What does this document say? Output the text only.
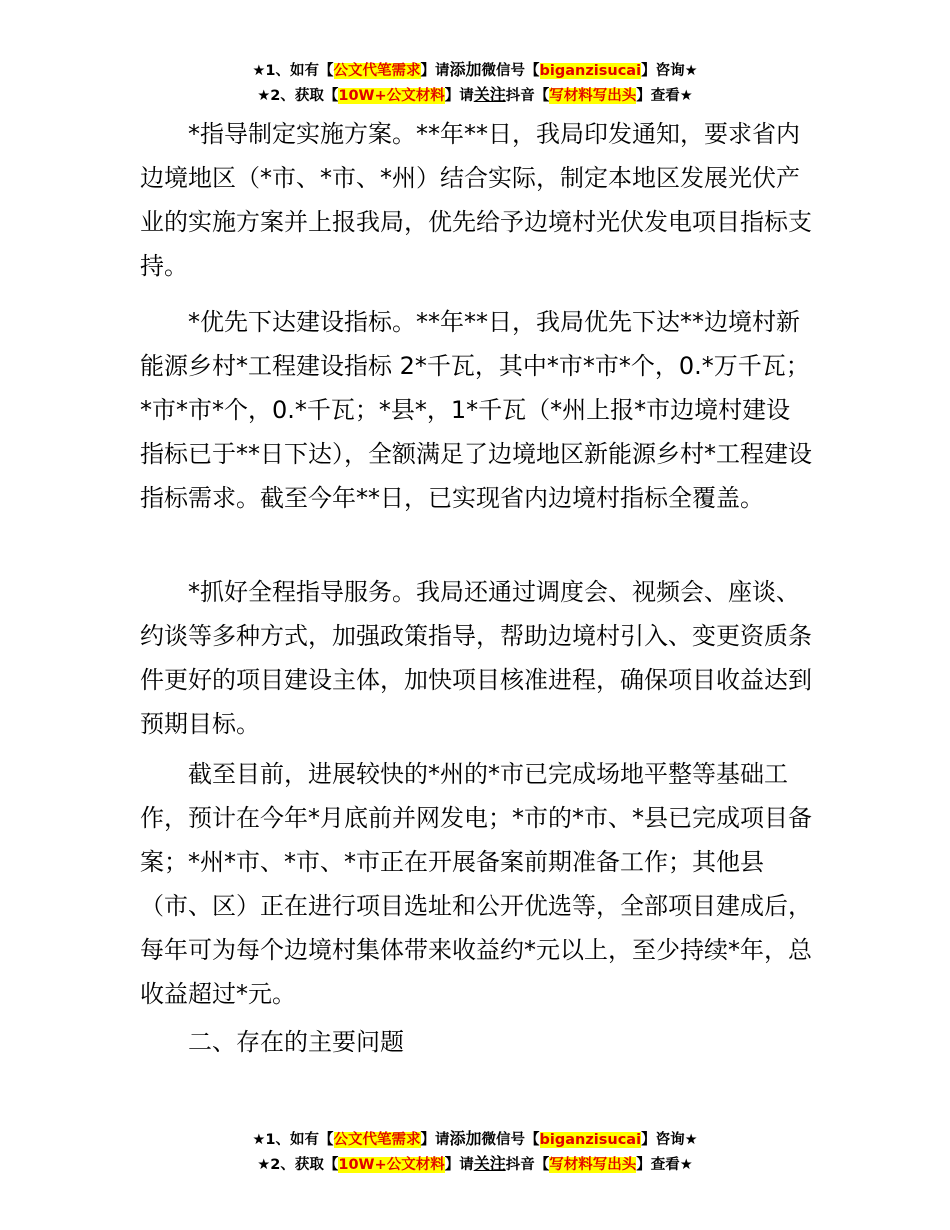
★1、如有【公文代笔需求】请添加微信号【biganzisucai】咨询★
★2、获取【10W+公文材料】请关注抖音【写材料写出头】查看★

*指导制定实施方案。**年**日，我局印发通知，要求省内边境地区（*市、*市、*州）结合实际，制定本地区发展光伏产业的实施方案并上报我局，优先给予边境村光伏发电项目指标支持。

*优先下达建设指标。**年**日，我局优先下达**边境村新能源乡村*工程建设指标 2*千瓦，其中*市*市*个，0.*万千瓦；*市*市*个，0.*千瓦；*县*，1*千瓦（*州上报*市边境村建设指标已于**日下达），全额满足了边境地区新能源乡村*工程建设指标需求。截至今年**日，已实现省内边境村指标全覆盖。

*抓好全程指导服务。我局还通过调度会、视频会、座谈、约谈等多种方式，加强政策指导，帮助边境村引入、变更资质条件更好的项目建设主体，加快项目核准进程，确保项目收益达到预期目标。

截至目前，进展较快的*州的*市已完成场地平整等基础工作，预计在今年*月底前并网发电；*市的*市、*县已完成项目备案；*州*市、*市、*市正在开展备案前期准备工作；其他县（市、区）正在进行项目选址和公开优选等，全部项目建成后，每年可为每个边境村集体带来收益约*元以上，至少持续*年，总收益超过*元。

二、存在的主要问题

★1、如有【公文代笔需求】请添加微信号【biganzisucai】咨询★
★2、获取【10W+公文材料】请关注抖音【写材料写出头】查看★
